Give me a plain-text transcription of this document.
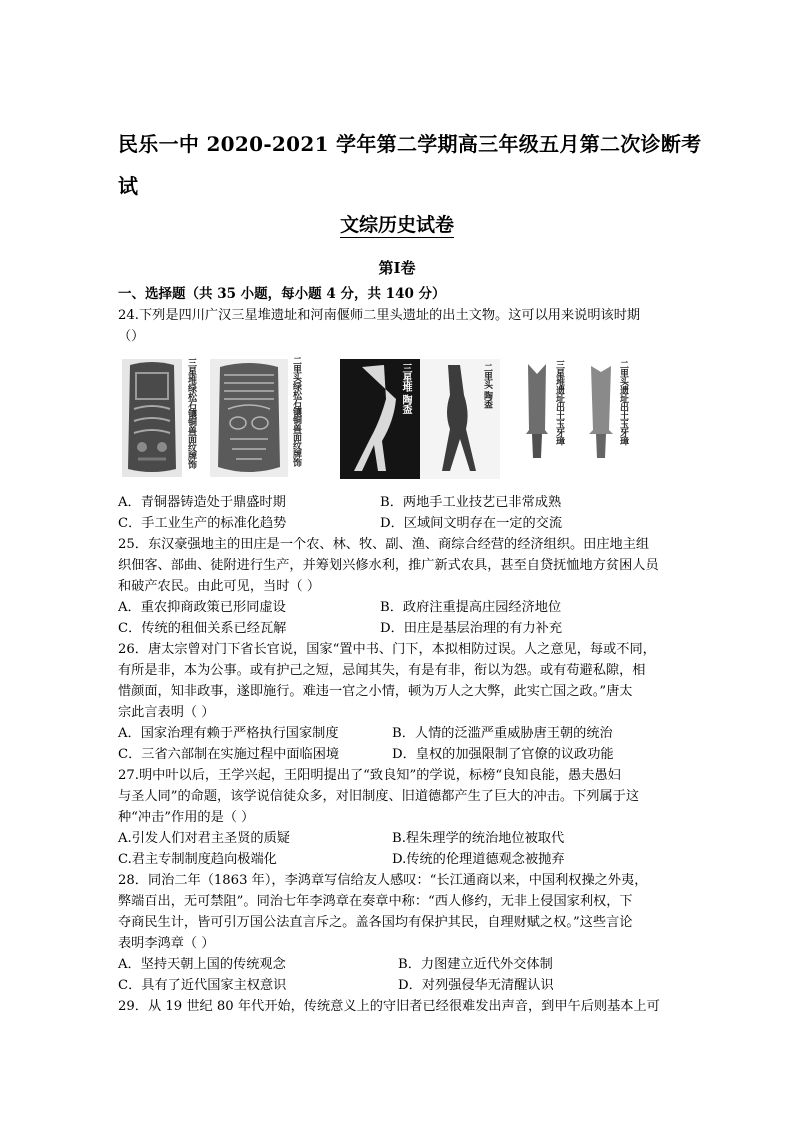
民乐一中 2020-2021 学年第二学期高三年级五月第二次诊断考
试
文综历史试卷
第Ⅰ卷
一、选择题（共 35 小题，每小题 4 分，共 140 分）
24.下列是四川广汉三星堆遗址和河南偃师二里头遗址的出土文物。这可以用来说明该时期
（）
三星堆绿松石镶铜兽面纹牌饰	二里头绿松石镶铜兽面纹牌饰	三星堆 陶盉	二里头 陶盉	三星堆遗址出土玉牙璋	二里头遗址出土玉牙璋
A．青铜器铸造处于鼎盛时期	B．两地手工业技艺已非常成熟
C．手工业生产的标准化趋势	D．区域间文明存在一定的交流
25．东汉豪强地主的田庄是一个农、林、牧、副、渔、商综合经营的经济组织。田庄地主组
织佃客、部曲、徒附进行生产，并筹划兴修水利，推广新式农具，甚至自贷抚恤地方贫困人员
和破产农民。由此可见，当时（ ）
A．重农抑商政策已形同虚设	B．政府注重提高庄园经济地位
C．传统的租佃关系已经瓦解	D．田庄是基层治理的有力补充
26．唐太宗曾对门下省长官说，国家“置中书、门下，本拟相防过误。人之意见，每或不同，
有所是非，本为公事。或有护己之短，忌闻其失，有是有非，衔以为怨。或有苟避私隙，相
惜颜面，知非政事，遂即施行。难违一官之小情，顿为万人之大弊，此实亡国之政。”唐太
宗此言表明（ ）
A．国家治理有赖于严格执行国家制度	B．人情的泛滥严重威胁唐王朝的统治
C．三省六部制在实施过程中面临困境	D．皇权的加强限制了官僚的议政功能
27.明中叶以后，王学兴起，王阳明提出了“致良知”的学说，标榜“良知良能，愚夫愚妇
与圣人同”的命题，该学说信徒众多，对旧制度、旧道德都产生了巨大的冲击。下列属于这
种“冲击”作用的是（ ）
A.引发人们对君主圣贤的质疑	B.程朱理学的统治地位被取代
C.君主专制制度趋向极端化	D.传统的伦理道德观念被抛弃
28．同治二年（1863 年），李鸿章写信给友人感叹：“长江通商以来，中国利权操之外夷，
弊端百出，无可禁阻”。同治七年李鸿章在奏章中称：“西人修约，无非上侵国家利权，下
夺商民生计，皆可引万国公法直言斥之。盖各国均有保护其民，自理财赋之权。”这些言论
表明李鸿章（ ）
A．坚持天朝上国的传统观念	B．力图建立近代外交体制
C．具有了近代国家主权意识	D．对列强侵华无清醒认识
29．从 19 世纪 80 年代开始，传统意义上的守旧者已经很难发出声音，到甲午后则基本上可
